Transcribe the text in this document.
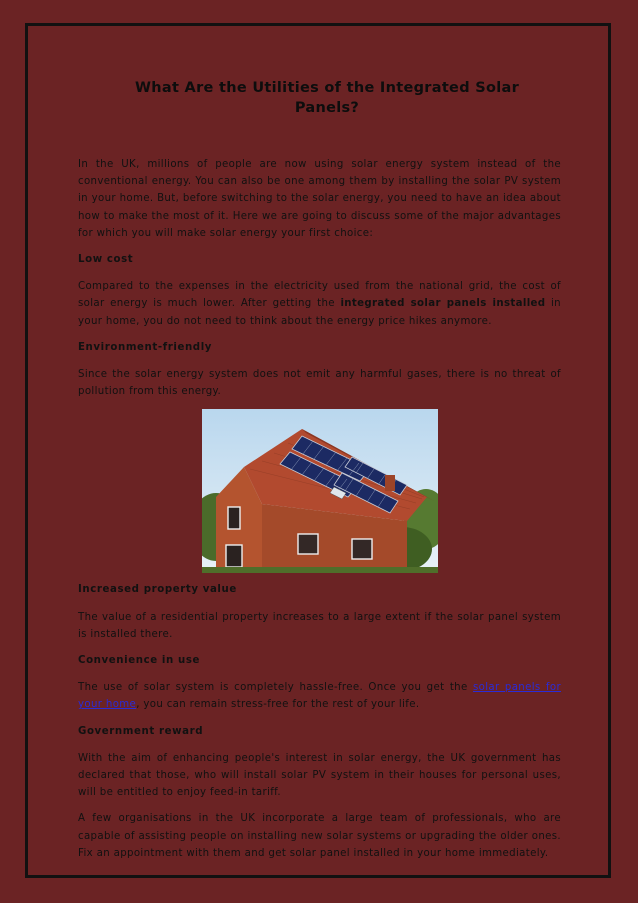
What Are the Utilities of the Integrated Solar Panels?

In the UK, millions of people are now using solar energy system instead of the conventional energy. You can also be one among them by installing the solar PV system in your home. But, before switching to the solar energy, you need to have an idea about how to make the most of it. Here we are going to discuss some of the major advantages for which you will make solar energy your first choice:

Low cost

Compared to the expenses in the electricity used from the national grid, the cost of solar energy is much lower. After getting the integrated solar panels installed in your home, you do not need to think about the energy price hikes anymore.

Environment-friendly

Since the solar energy system does not emit any harmful gases, there is no threat of pollution from this energy.

Increased property value

The value of a residential property increases to a large extent if the solar panel system is installed there.

Convenience in use

The use of solar system is completely hassle-free. Once you get the solar panels for your home, you can remain stress-free for the rest of your life.

Government reward

With the aim of enhancing people's interest in solar energy, the UK government has declared that those, who will install solar PV system in their houses for personal uses, will be entitled to enjoy feed-in tariff.

A few organisations in the UK incorporate a large team of professionals, who are capable of assisting people on installing new solar systems or upgrading the older ones. Fix an appointment with them and get solar panel installed in your home immediately.
